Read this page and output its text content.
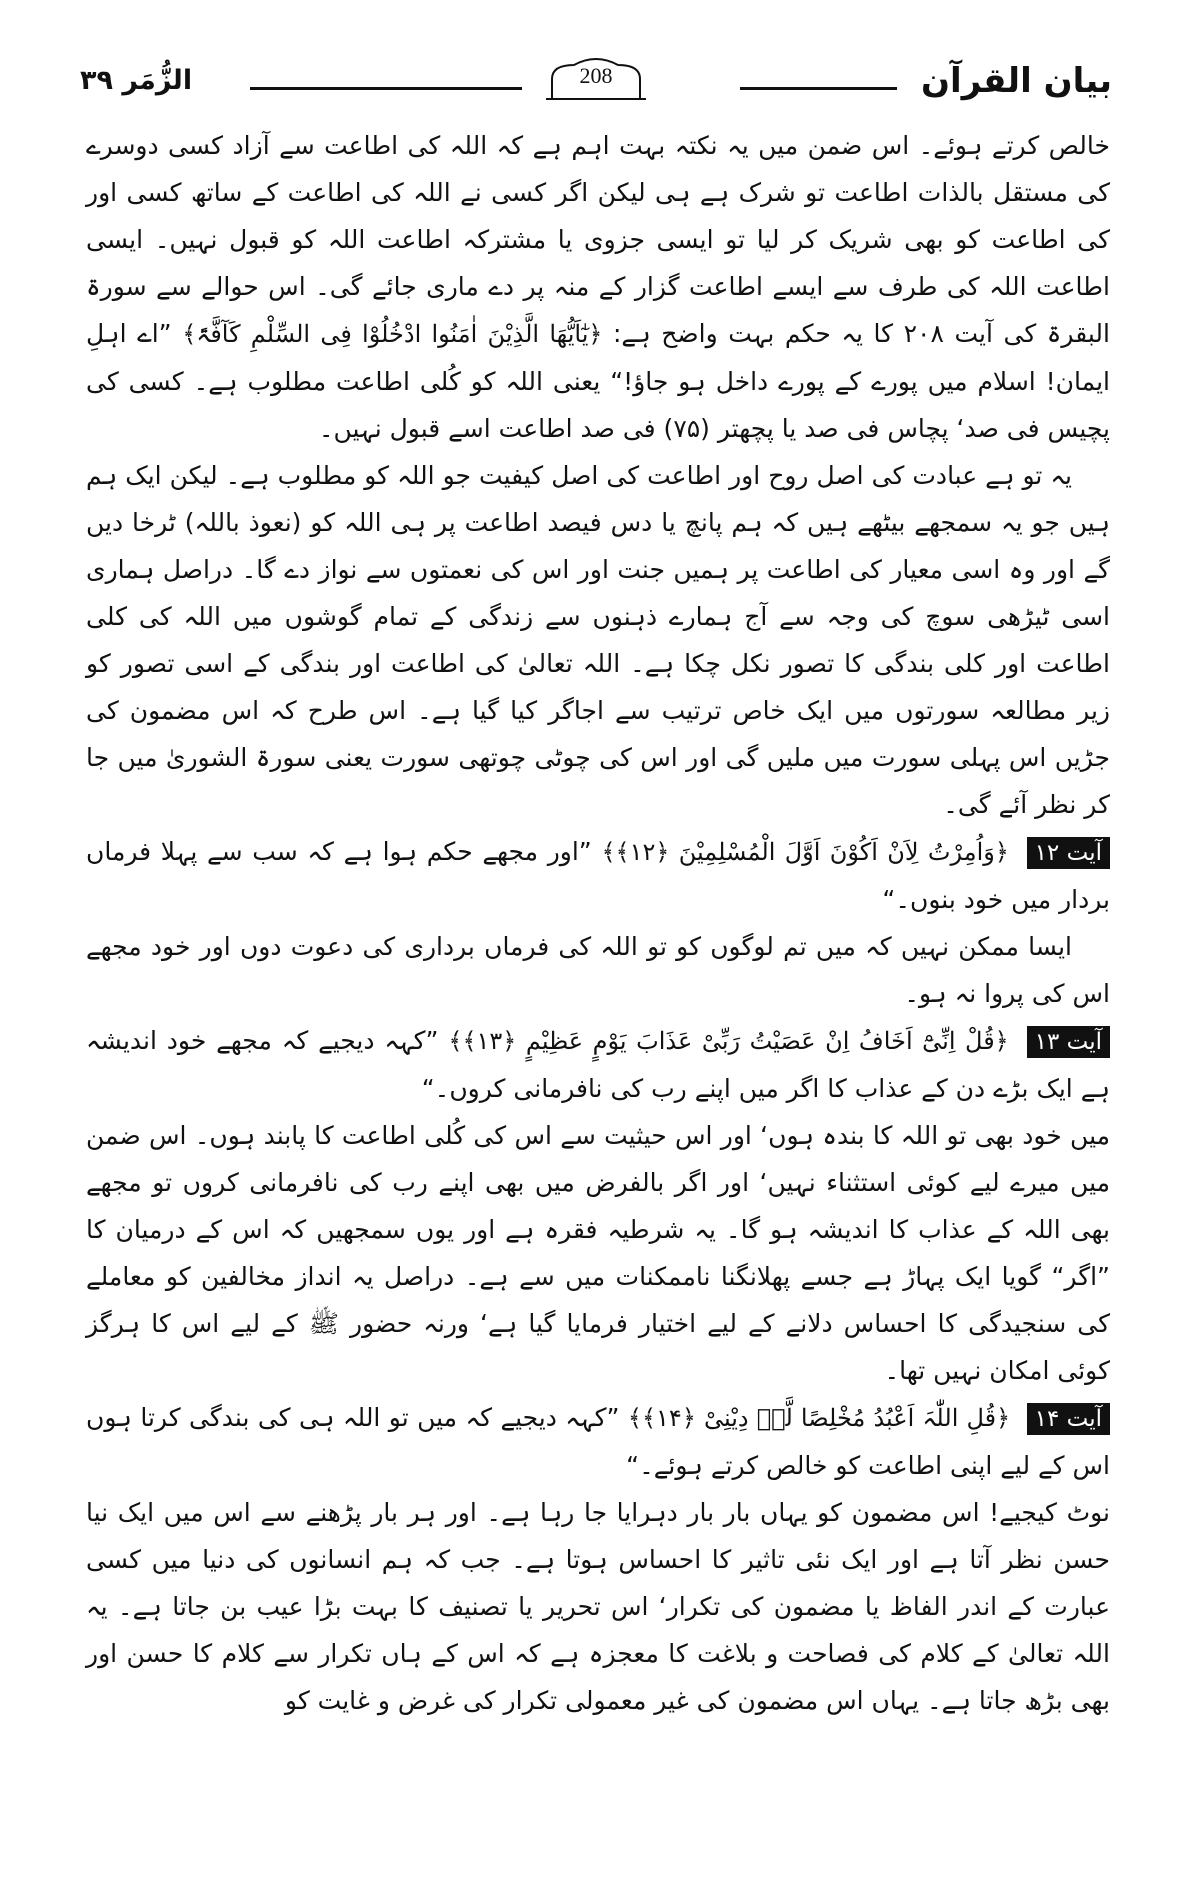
بیان القرآن
208
الزُّمَر ۳۹

خالص کرتے ہوئے۔ اس ضمن میں یہ نکتہ بہت اہم ہے کہ اللہ کی اطاعت سے آزاد کسی دوسرے کی مستقل بالذات اطاعت تو شرک ہے ہی لیکن اگر کسی نے اللہ کی اطاعت کے ساتھ کسی اور کی اطاعت کو بھی شریک کر لیا تو ایسی جزوی یا مشترکہ اطاعت اللہ کو قبول نہیں۔ ایسی اطاعت اللہ کی طرف سے ایسے اطاعت گزار کے منہ پر دے ماری جائے گی۔ اس حوالے سے سورۃ البقرۃ کی آیت ۲۰۸ کا یہ حکم بہت واضح ہے: ﴿یٰٓاَیُّھَا الَّذِیْنَ اٰمَنُوا ادْخُلُوْا فِی السِّلْمِ کَآفَّۃً﴾ ”اے اہلِ ایمان! اسلام میں پورے کے پورے داخل ہو جاؤ!“ یعنی اللہ کو کُلی اطاعت مطلوب ہے۔ کسی کی پچیس فی صد‘ پچاس فی صد یا پچھتر (۷۵) فی صد اطاعت اسے قبول نہیں۔

یہ تو ہے عبادت کی اصل روح اور اطاعت کی اصل کیفیت جو اللہ کو مطلوب ہے۔ لیکن ایک ہم ہیں جو یہ سمجھے بیٹھے ہیں کہ ہم پانچ یا دس فیصد اطاعت پر ہی اللہ کو (نعوذ باللہ) ٹرخا دیں گے اور وہ اسی معیار کی اطاعت پر ہمیں جنت اور اس کی نعمتوں سے نواز دے گا۔ دراصل ہماری اسی ٹیڑھی سوچ کی وجہ سے آج ہمارے ذہنوں سے زندگی کے تمام گوشوں میں اللہ کی کلی اطاعت اور کلی بندگی کا تصور نکل چکا ہے۔ اللہ تعالیٰ کی اطاعت اور بندگی کے اسی تصور کو زیر مطالعہ سورتوں میں ایک خاص ترتیب سے اجاگر کیا گیا ہے۔ اس طرح کہ اس مضمون کی جڑیں اس پہلی سورت میں ملیں گی اور اس کی چوٹی چوتھی سورت یعنی سورۃ الشوریٰ میں جا کر نظر آئے گی۔

آیت ۱۲ ﴿وَاُمِرْتُ لِاَنْ اَکُوْنَ اَوَّلَ الْمُسْلِمِیْنَ ﴿۱۲﴾﴾ ”اور مجھے حکم ہوا ہے کہ سب سے پہلا فرماں بردار میں خود بنوں۔“

ایسا ممکن نہیں کہ میں تم لوگوں کو تو اللہ کی فرماں برداری کی دعوت دوں اور خود مجھے اس کی پروا نہ ہو۔

آیت ۱۳ ﴿قُلْ اِنِّیْٓ اَخَافُ اِنْ عَصَیْتُ رَبِّیْ عَذَابَ یَوْمٍ عَظِیْمٍ ﴿۱۳﴾﴾ ”کہہ دیجیے کہ مجھے خود اندیشہ ہے ایک بڑے دن کے عذاب کا اگر میں اپنے رب کی نافرمانی کروں۔“

میں خود بھی تو اللہ کا بندہ ہوں‘ اور اس حیثیت سے اس کی کُلی اطاعت کا پابند ہوں۔ اس ضمن میں میرے لیے کوئی استثناء نہیں‘ اور اگر بالفرض میں بھی اپنے رب کی نافرمانی کروں تو مجھے بھی اللہ کے عذاب کا اندیشہ ہو گا۔ یہ شرطیہ فقرہ ہے اور یوں سمجھیں کہ اس کے درمیان کا ”اگر“ گویا ایک پہاڑ ہے جسے پھلانگنا ناممکنات میں سے ہے۔ دراصل یہ انداز مخالفین کو معاملے کی سنجیدگی کا احساس دلانے کے لیے اختیار فرمایا گیا ہے‘ ورنہ حضور ﷺ کے لیے اس کا ہرگز کوئی امکان نہیں تھا۔

آیت ۱۴ ﴿قُلِ اللّٰہَ اَعْبُدُ مُخْلِصًا لَّہٗ دِیْنِیْ ﴿۱۴﴾﴾ ”کہہ دیجیے کہ میں تو اللہ ہی کی بندگی کرتا ہوں اس کے لیے اپنی اطاعت کو خالص کرتے ہوئے۔“

نوٹ کیجیے! اس مضمون کو یہاں بار بار دہرایا جا رہا ہے۔ اور ہر بار پڑھنے سے اس میں ایک نیا حسن نظر آتا ہے اور ایک نئی تاثیر کا احساس ہوتا ہے۔ جب کہ ہم انسانوں کی دنیا میں کسی عبارت کے اندر الفاظ یا مضمون کی تکرار‘ اس تحریر یا تصنیف کا بہت بڑا عیب بن جاتا ہے۔ یہ اللہ تعالیٰ کے کلام کی فصاحت و بلاغت کا معجزہ ہے کہ اس کے ہاں تکرار سے کلام کا حسن اور بھی بڑھ جاتا ہے۔ یہاں اس مضمون کی غیر معمولی تکرار کی غرض و غایت کو
